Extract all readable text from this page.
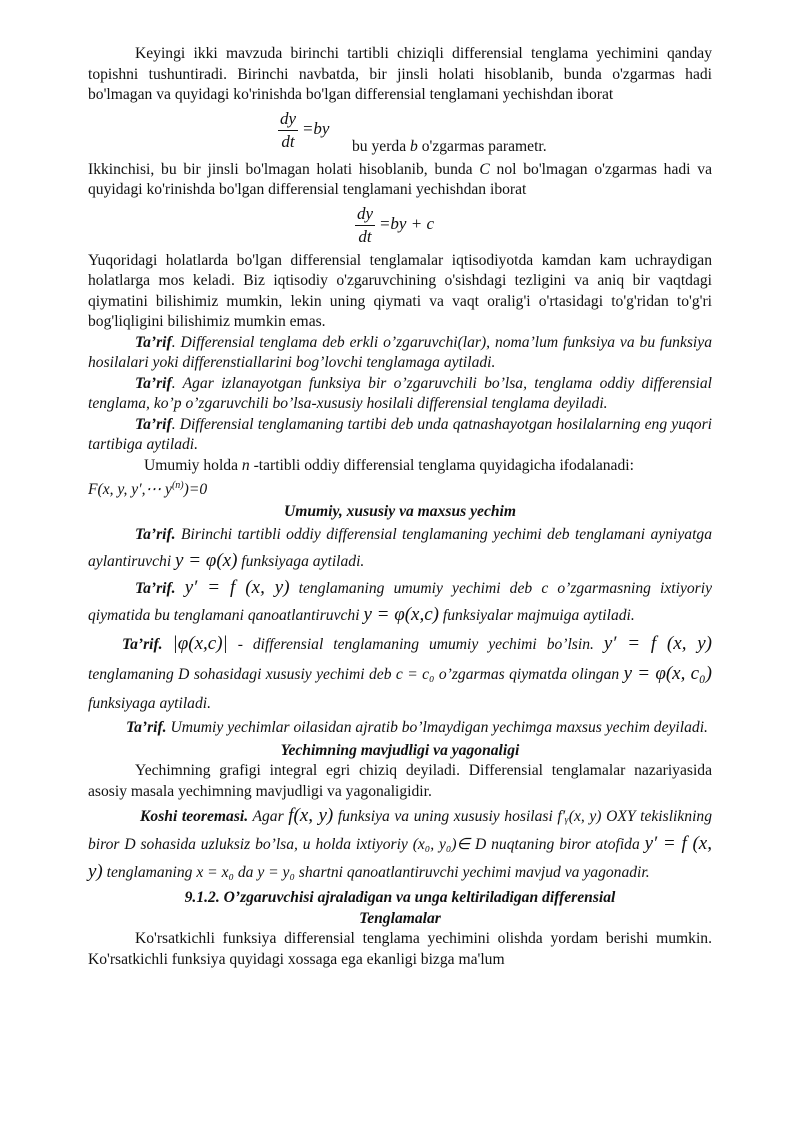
Keyingi ikki mavzuda birinchi tartibli chiziqli differensial tenglama yechimini qanday topishni tushuntiradi. Birinchi navbatda, bir jinsli holati hisoblanib, bunda o'zgarmas hadi bo'lmagan va quyidagi ko'rinishda bo'lgan differensial tenglamani yechishdan iborat

$\frac{dy}{dt} =by$
bu yerda b o'zgarmas parametr.

Ikkinchisi, bu bir jinsli bo'lmagan holati hisoblanib, bunda C nol bo'lmagan o'zgarmas hadi va quyidagi ko'rinishda bo'lgan differensial tenglamani yechishdan iborat

$\frac{dy}{dt} =by + c$

Yuqoridagi holatlarda bo'lgan differensial tenglamalar iqtisodiyotda kamdan kam uchraydigan holatlarga mos keladi. Biz iqtisodiy o'zgaruvchining o'sishdagi tezligini va aniq bir vaqtdagi qiymatini bilishimiz mumkin, lekin uning qiymati va vaqt oralig'i o'rtasidagi to'g'ridan to'g'ri bog'liqligini bilishimiz mumkin emas.

Ta’rif. Differensial tenglama deb erkli o’zgaruvchi(lar), noma’lum funksiya va bu funksiya hosilalari yoki differenstiallarini bog’lovchi tenglamaga aytiladi.

Ta’rif. Agar izlanayotgan funksiya bir o’zgaruvchili bo’lsa, tenglama oddiy differensial tenglama, ko’p o’zgaruvchili bo’lsa-xususiy hosilali differensial tenglama deyiladi.

Ta’rif. Differensial tenglamaning tartibi deb unda qatnashayotgan hosilalarning eng yuqori tartibiga aytiladi.

Umumiy holda n -tartibli oddiy differensial tenglama quyidagicha ifodalanadi:
F(x, y, y′,⋯ $y^{(n)})=0$

Umumiy, xususiy va maxsus yechim

Ta’rif. Birinchi tartibli oddiy differensial tenglamaning yechimi deb tenglamani ayniyatga aylantiruvchi y = φ(x) funksiyaga aytiladi.

Ta’rif. y′ = f (x, y) tenglamaning umumiy yechimi deb c o’zgarmasning ixtiyoriy qiymatida bu tenglamani qanoatlantiruvchi y = φ(x,c) funksiyalar majmuiga aytiladi.

Ta’rif. |φ(x,c)| - differensial tenglamaning umumiy yechimi bo’lsin. y′ = f (x, y) tenglamaning D sohasidagi xususiy yechimi deb c = c₀ o’zgarmas qiymatda olingan y = φ(x, c₀) funksiyaga aytiladi.

Ta’rif. Umumiy yechimlar oilasidan ajratib bo’lmaydigan yechimga maxsus yechim deyiladi.

Yechimning mavjudligi va yagonaligi

Yechimning grafigi integral egri chiziq deyiladi. Differensial tenglamalar nazariyasida asosiy masala yechimning mavjudligi va yagonaligidir.

Koshi teoremasi. Agar f(x, y) funksiya va uning xususiy hosilasi f′ᵧ(x, y) OXY tekislikning biror D sohasida uzluksiz bo’lsa, u holda ixtiyoriy (x₀, y₀)∈ D nuqtaning biror atofida y′ = f (x, y) tenglamaning x = x₀ da y = y₀ shartni qanoatlantiruvchi yechimi mavjud va yagonadir.

9.1.2. O’zgaruvchisi ajraladigan va unga keltiriladigan differensial
Tenglamalar

Ko'rsatkichli funksiya differensial tenglama yechimini olishda yordam berishi mumkin. Ko'rsatkichli funksiya quyidagi xossaga ega ekanligi bizga ma'lum
